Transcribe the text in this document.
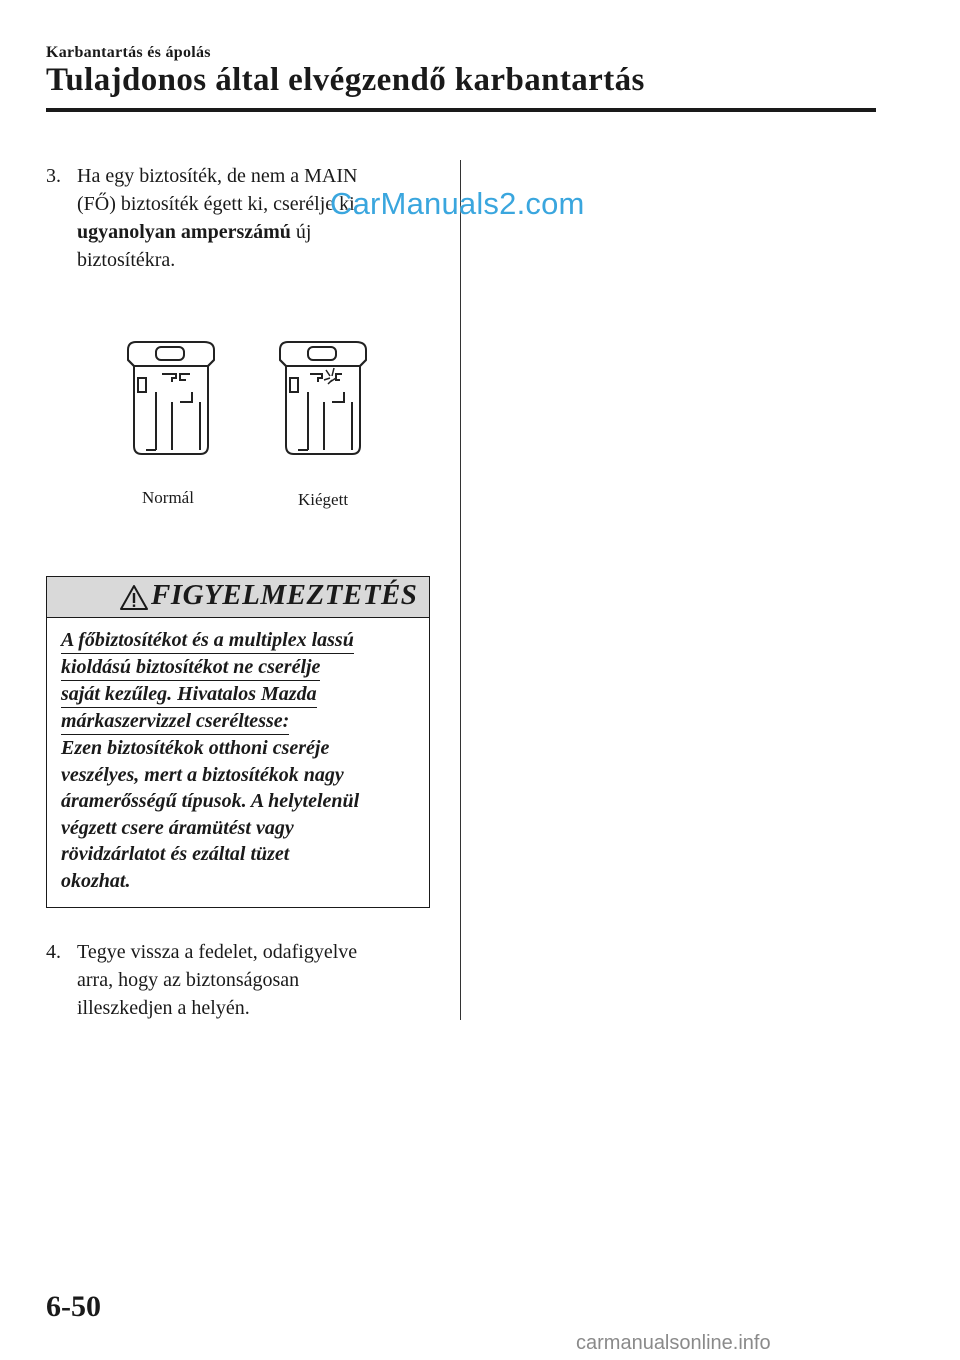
Karbantartás és ápolás
Tulajdonos által elvégzendő karbantartás
3. Ha egy biztosíték, de nem a MAIN
(FŐ) biztosíték égett ki, cserélje ki
ugyanolyan amperszámú új
biztosítékra.
CarManuals2.com
Normál	Kiégett
FIGYELMEZTETÉS
A főbiztosítékot és a multiplex lassú
kioldású biztosítékot ne cserélje
saját kezűleg. Hivatalos Mazda
márkaszervizzel cseréltesse:
Ezen biztosítékok otthoni cseréje
veszélyes, mert a biztosítékok nagy
áramerősségű típusok. A helytelenül
végzett csere áramütést vagy
rövidzárlatot és ezáltal tüzet
okozhat.
4. Tegye vissza a fedelet, odafigyelve
arra, hogy az biztonságosan
illeszkedjen a helyén.
6-50
carmanualsonline.info
